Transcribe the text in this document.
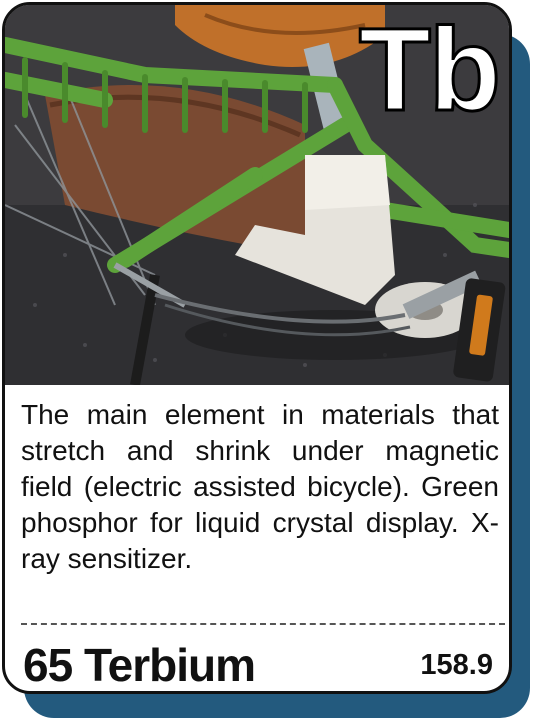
Tb

The main element in materials that stretch and shrink under magnetic field (electric assisted bicycle). Green phosphor for liquid crystal display. X-ray sensitizer.

65 Terbium	158.9
